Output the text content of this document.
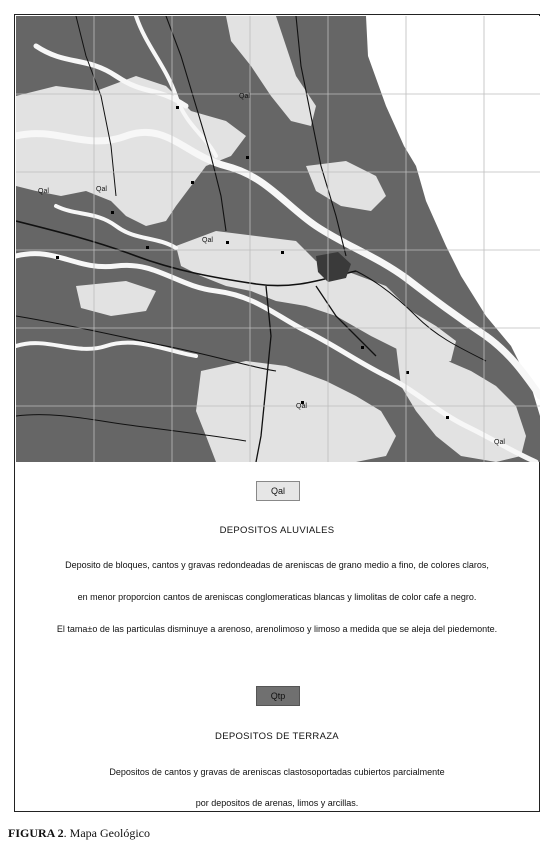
Qal
Qal	Qal
Qal
Qal
Qal
Qal
DEPOSITOS ALUVIALES
Deposito de bloques, cantos y gravas redondeadas de areniscas de grano medio a fino, de colores claros,
en menor proporcion cantos de areniscas conglomeraticas blancas y limolitas de color cafe a negro.
El tama±o de las particulas disminuye a arenoso, arenolimoso y limoso a medida que se aleja del piedemonte.
Qtp
DEPOSITOS DE TERRAZA
Depositos de cantos y gravas de areniscas clastosoportadas cubiertos parcialmente
por depositos de arenas, limos y arcillas.
FIGURA 2. Mapa Geológico
